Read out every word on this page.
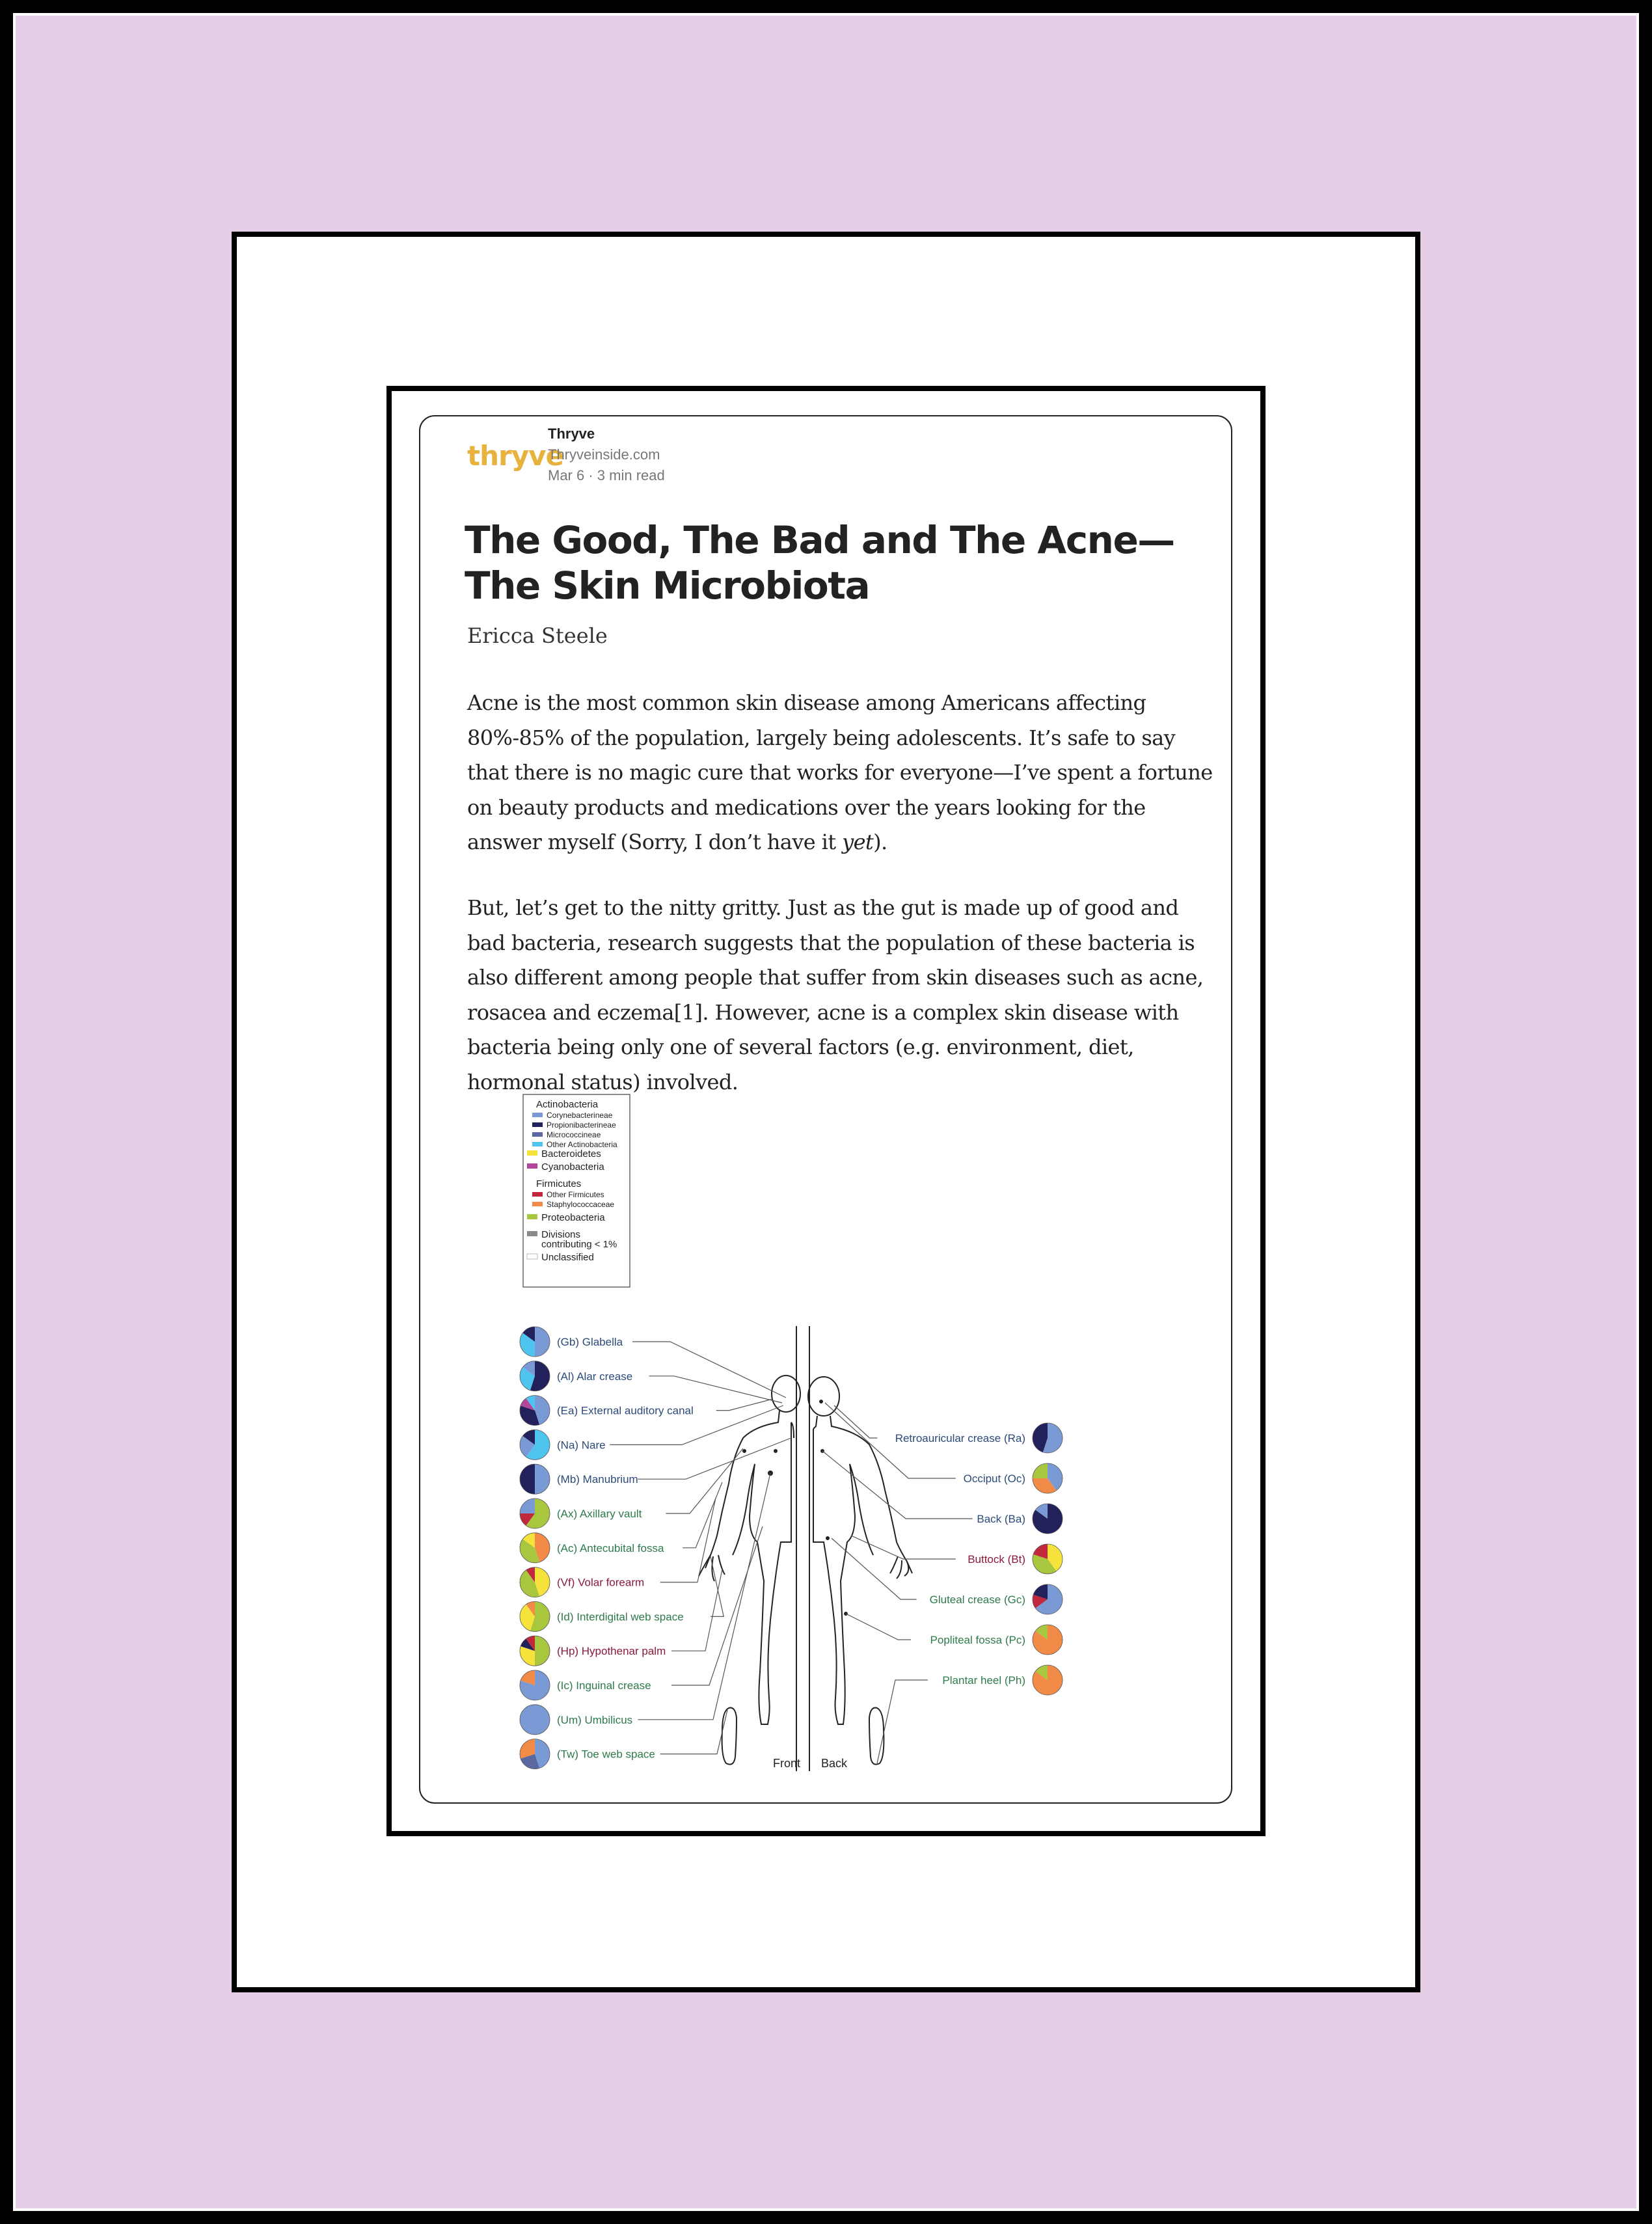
thryve
Thryve
Thryveinside.com
Mar 6 · 3 min read
The Good, The Bad and The Acne—The Skin Microbiota
Ericca Steele

Acne is the most common skin disease among Americans affecting 80%-85% of the population, largely being adolescents. It’s safe to say that there is no magic cure that works for everyone—I’ve spent a fortune on beauty products and medications over the years looking for the answer myself (Sorry, I don’t have it yet).

But, let’s get to the nitty gritty. Just as the gut is made up of good and bad bacteria, research suggests that the population of these bacteria is also different among people that suffer from skin diseases such as acne, rosacea and eczema[1]. However, acne is a complex skin disease with bacteria being only one of several factors (e.g. environment, diet, hormonal status) involved.

Actinobacteria
Corynebacterineae
Propionibacterineae
Micrococcineae
Other Actinobacteria
Bacteroidetes
Cyanobacteria
Firmicutes
Other Firmicutes
Staphylococcaceae
Proteobacteria
Divisions contributing < 1%
Unclassified
(Gb) Glabella
(Al) Alar crease
(Ea) External auditory canal
(Na) Nare
(Mb) Manubrium
(Ax) Axillary vault
(Ac) Antecubital fossa
(Vf) Volar forearm
(Id) Interdigital web space
(Hp) Hypothenar palm
(Ic) Inguinal crease
(Um) Umbilicus
(Tw) Toe web space
Retroauricular crease (Ra)
Occiput (Oc)
Back (Ba)
Buttock (Bt)
Gluteal crease (Gc)
Popliteal fossa (Pc)
Plantar heel (Ph)
Front Back
